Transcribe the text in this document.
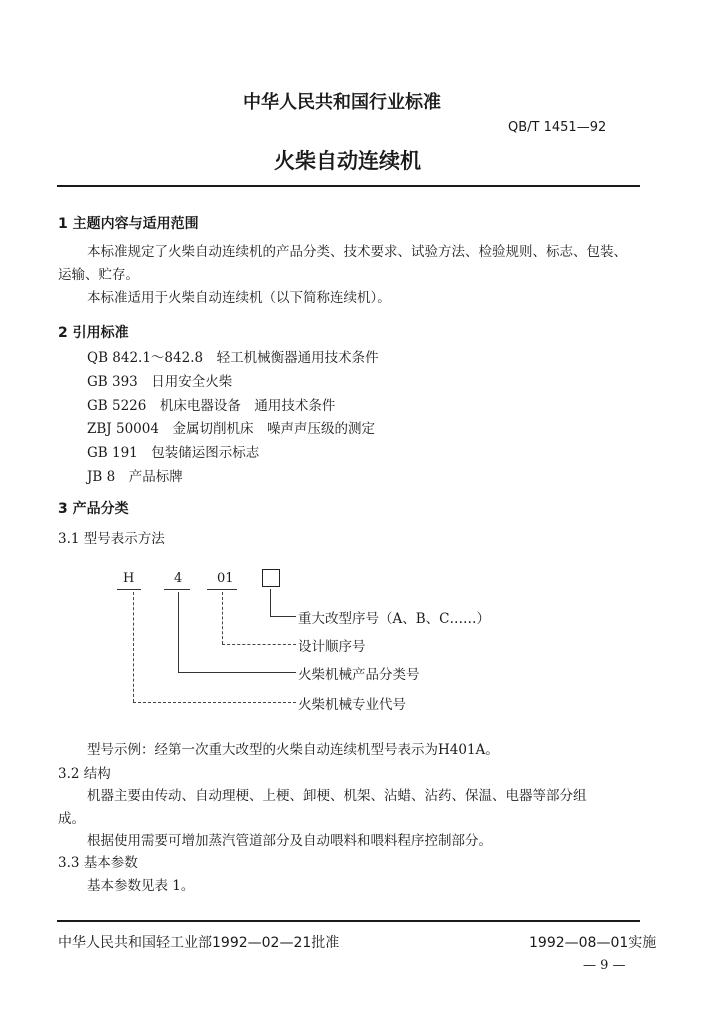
中华人民共和国行业标准
QB/T 1451—92
火柴自动连续机
1 主题内容与适用范围
本标准规定了火柴自动连续机的产品分类、技术要求、试验方法、检验规则、标志、包装、
运输、贮存。
本标准适用于火柴自动连续机（以下简称连续机）。
2 引用标准
QB 842.1～842.8　 轻工机械衡器通用技术条件
GB 393　 日用安全火柴
GB 5226　 机床电器设备　通用技术条件
ZBJ 50004　 金属切削机床　噪声声压级的测定
GB 191　 包装储运图示标志
JB 8　 产品标牌
3 产品分类
3.1 型号表示方法
H	4	01
重大改型序号（A、B、C……）
设计顺序号
火柴机械产品分类号
火柴机械专业代号
型号示例：经第一次重大改型的火柴自动连续机型号表示为H401A。
3.2 结构
机器主要由传动、自动理梗、上梗、卸梗、机架、沾蜡、沾药、保温、电器等部分组
成。
根据使用需要可增加蒸汽管道部分及自动喂料和喂料程序控制部分。
3.3 基本参数
基本参数见表 1。
中华人民共和国轻工业部1992—02—21批准	1992—08—01实施
— 9 —
